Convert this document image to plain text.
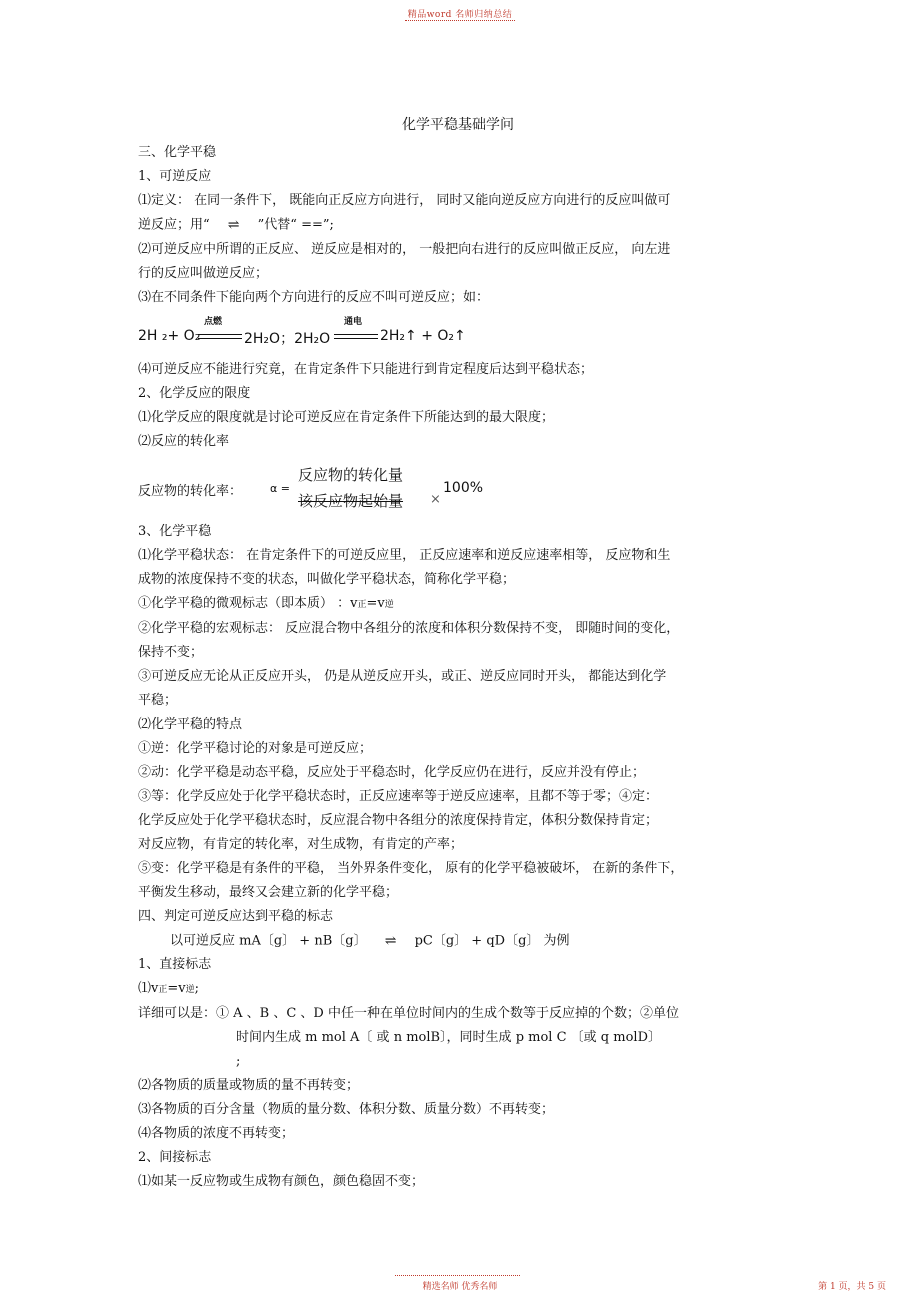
精品word 名师归纳总结

化学平稳基础学问

三、化学平稳

1、可逆反应

⑴定义： 在同一条件下， 既能向正反应方向进行， 同时又能向逆反应方向进行的反应叫做可

逆反应；用“ ⇌ ”代替“ ==”;

⑵可逆反应中所谓的正反应、 逆反应是相对的， 一般把向右进行的反应叫做正反应， 向左进

行的反应叫做逆反应；

⑶在不同条件下能向两个方向进行的反应不叫可逆反应；如：

2H ₂+ O₂
点燃
2H₂O；2H₂O
通电
2H₂↑ + O₂↑

⑷可逆反应不能进行究竟，在肯定条件下只能进行到肯定程度后达到平稳状态；

2、化学反应的限度

⑴化学反应的限度就是讨论可逆反应在肯定条件下所能达到的最大限度；

⑵反应的转化率

反应物的转化率：	α =
反应物的转化量
该反应物起始量 ×
100%

3、化学平稳

⑴化学平稳状态： 在肯定条件下的可逆反应里， 正反应速率和逆反应速率相等， 反应物和生

成物的浓度保持不变的状态，叫做化学平稳状态，简称化学平稳；

①化学平稳的微观标志（即本质） ：v正=v逆

②化学平稳的宏观标志： 反应混合物中各组分的浓度和体积分数保持不变， 即随时间的变化，

保持不变；

③可逆反应无论从正反应开头， 仍是从逆反应开头，或正、逆反应同时开头， 都能达到化学

平稳；

⑵化学平稳的特点

①逆：化学平稳讨论的对象是可逆反应；

②动：化学平稳是动态平稳，反应处于平稳态时，化学反应仍在进行，反应并没有停止；

③等：化学反应处于化学平稳状态时，正反应速率等于逆反应速率，且都不等于零；④定：

化学反应处于化学平稳状态时，反应混合物中各组分的浓度保持肯定，体积分数保持肯定；

对反应物，有肯定的转化率，对生成物，有肯定的产率；

⑤变：化学平稳是有条件的平稳， 当外界条件变化， 原有的化学平稳被破坏， 在新的条件下，

平衡发生移动，最终又会建立新的化学平稳；

四、判定可逆反应达到平稳的标志

以可逆反应 mA〔g〕 + nB〔g〕 ⇌ pC〔g〕 + qD〔g〕 为例

1、直接标志

⑴v正=v逆;

详细可以是：① A 、B 、C 、D 中任一种在单位时间内的生成个数等于反应掉的个数；②单位

时间内生成 m mol A〔 或 n molB〕，同时生成 p mol C 〔或 q molD〕

;

⑵各物质的质量或物质的量不再转变；

⑶各物质的百分含量（物质的量分数、体积分数、质量分数）不再转变；

⑷各物质的浓度不再转变；

2、间接标志

⑴如某一反应物或生成物有颜色，颜色稳固不变；

精选名师 优秀名师	第 1 页，共 5 页
